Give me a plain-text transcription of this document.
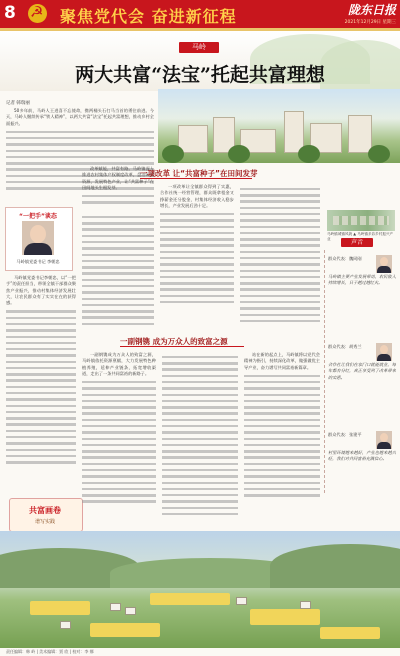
8
☭	聚焦党代会 奋进新征程	陇东日报
2021年12月29日 星期三
马岭
两大共富“法宝”托起共富理想
记者 韩瑞丽

50多年前，马岭人王进喜不忘使命，携两桶头石打马当首的勇往前进。今天，马岭人继续传承“铁人精神”，以两大共富“法宝”托起共富理想，推动乡村全面振兴。

“一把手”谈态
马岭镇党委书记 李朝忠

马岭镇党委书记李朝忠，以“一把手”的责任担当，带领全镇干部群众聚焦产业振兴，推动村集体经济发展壮大，让农民群众有了实实在在的获得感。

共富画卷
谱写实践

改革赋能，共富有路。马岭镇深入推进农村集体产权制度改革，盘活闲置资源，发展特色产业，让“共富种子”在田间地头生根发芽。

一项改革 让“共富种子”在田间发芽

一项改革让全镇群众得到了实惠，合作社统一经营管理，群众既拿租金又挣薪金还分股金，村集体经济收入稳步增长，产业发展后劲十足。

一副钢镌 成为万众人的致富之源

一副钢镌成为万众人的致富之源，马岭镇依托资源禀赋，大力发展特色种植养殖，延伸产业链条，拓宽增收渠道，走出了一条共同富裕的新路子。

站在新的起点上，马岭镇将以党代会精神为指引，持续深化改革，做强做优主导产业，奋力谱写共同富裕新篇章。

马岭镇城镇风貌 ▲ 马岭镇多彩乡村振兴产业
声音
群众代表：魏同刚
马岭镇主要产业发展带动，农民收入持续增长，日子越过越红火。
群众代表：胡秀兰
合作社让我们在家门口就能就业，每年都有分红，真正享受到了改革带来的实惠。
群众代表：张建平
村里环境越来越好，产业也越来越兴旺，我们对共同富裕充满信心。
责任编辑：韩 岭 | 美术编辑：贾 欣 | 校对：李 娜
